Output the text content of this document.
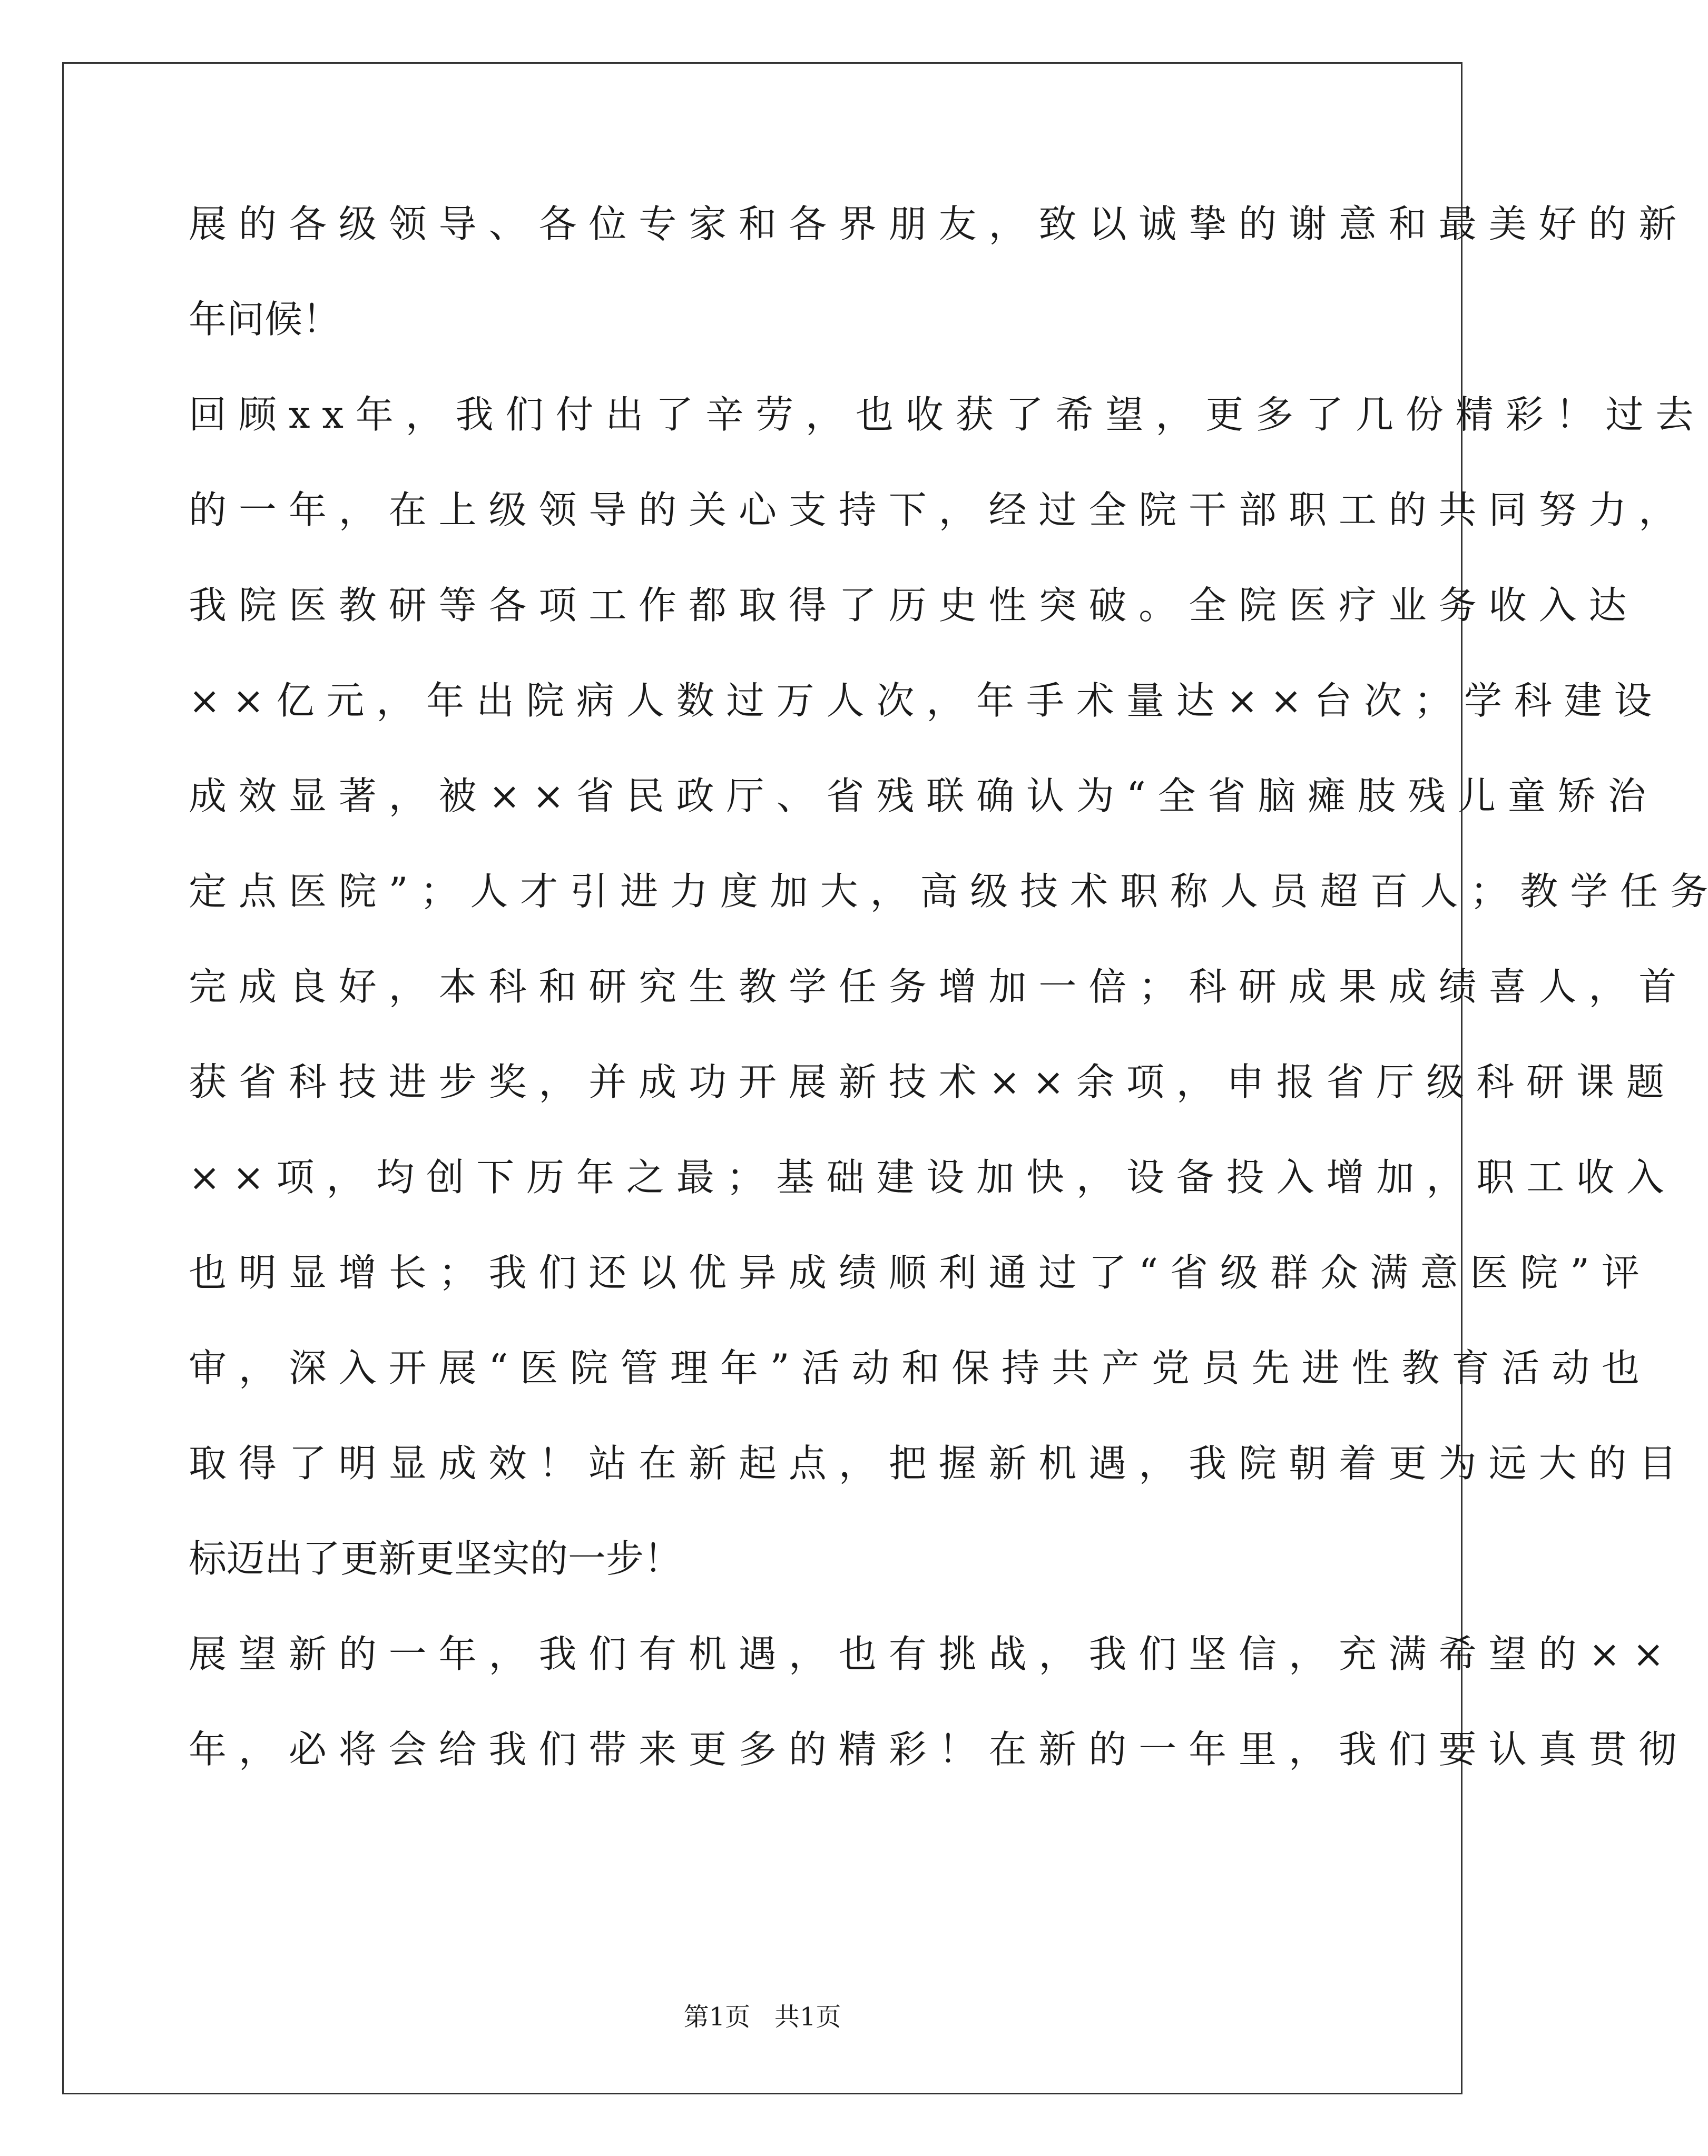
展 的 各 级 领 导 、 各 位 专 家 和 各 界 朋 友 ， 致 以 诚 挚 的 谢 意 和 最 美 好 的 新
年问候！
回 顾 x x 年 ， 我 们 付 出 了 辛 劳 ， 也 收 获 了 希 望 ， 更 多 了 几 份 精 彩 ！ 过 去
的 一 年 ， 在 上 级 领 导 的 关 心 支 持 下 ， 经 过 全 院 干 部 职 工 的 共 同 努 力 ，
我 院 医 教 研 等 各 项 工 作 都 取 得 了 历 史 性 突 破 。 全 院 医 疗 业 务 收 入 达
× × 亿 元 ， 年 出 院 病 人 数 过 万 人 次 ， 年 手 术 量 达 × × 台 次 ； 学 科 建 设
成 效 显 著 ， 被 × × 省 民 政 厅 、 省 残 联 确 认 为 “ 全 省 脑 瘫 肢 残 儿 童 矫 治
定 点 医 院 ” ； 人 才 引 进 力 度 加 大 ， 高 级 技 术 职 称 人 员 超 百 人 ； 教 学 任 务
完 成 良 好 ， 本 科 和 研 究 生 教 学 任 务 增 加 一 倍 ； 科 研 成 果 成 绩 喜 人 ， 首
获 省 科 技 进 步 奖 ， 并 成 功 开 展 新 技 术 × × 余 项 ， 申 报 省 厅 级 科 研 课 题
× × 项 ， 均 创 下 历 年 之 最 ； 基 础 建 设 加 快 ， 设 备 投 入 增 加 ， 职 工 收 入
也 明 显 增 长 ； 我 们 还 以 优 异 成 绩 顺 利 通 过 了 “ 省 级 群 众 满 意 医 院 ” 评
审 ， 深 入 开 展 “ 医 院 管 理 年 ” 活 动 和 保 持 共 产 党 员 先 进 性 教 育 活 动 也
取 得 了 明 显 成 效 ！ 站 在 新 起 点 ， 把 握 新 机 遇 ， 我 院 朝 着 更 为 远 大 的 目
标迈出了更新更坚实的一步！
展 望 新 的 一 年 ， 我 们 有 机 遇 ， 也 有 挑 战 ， 我 们 坚 信 ， 充 满 希 望 的 × ×
年 ， 必 将 会 给 我 们 带 来 更 多 的 精 彩 ！ 在 新 的 一 年 里 ， 我 们 要 认 真 贯 彻
第1页   共1页
